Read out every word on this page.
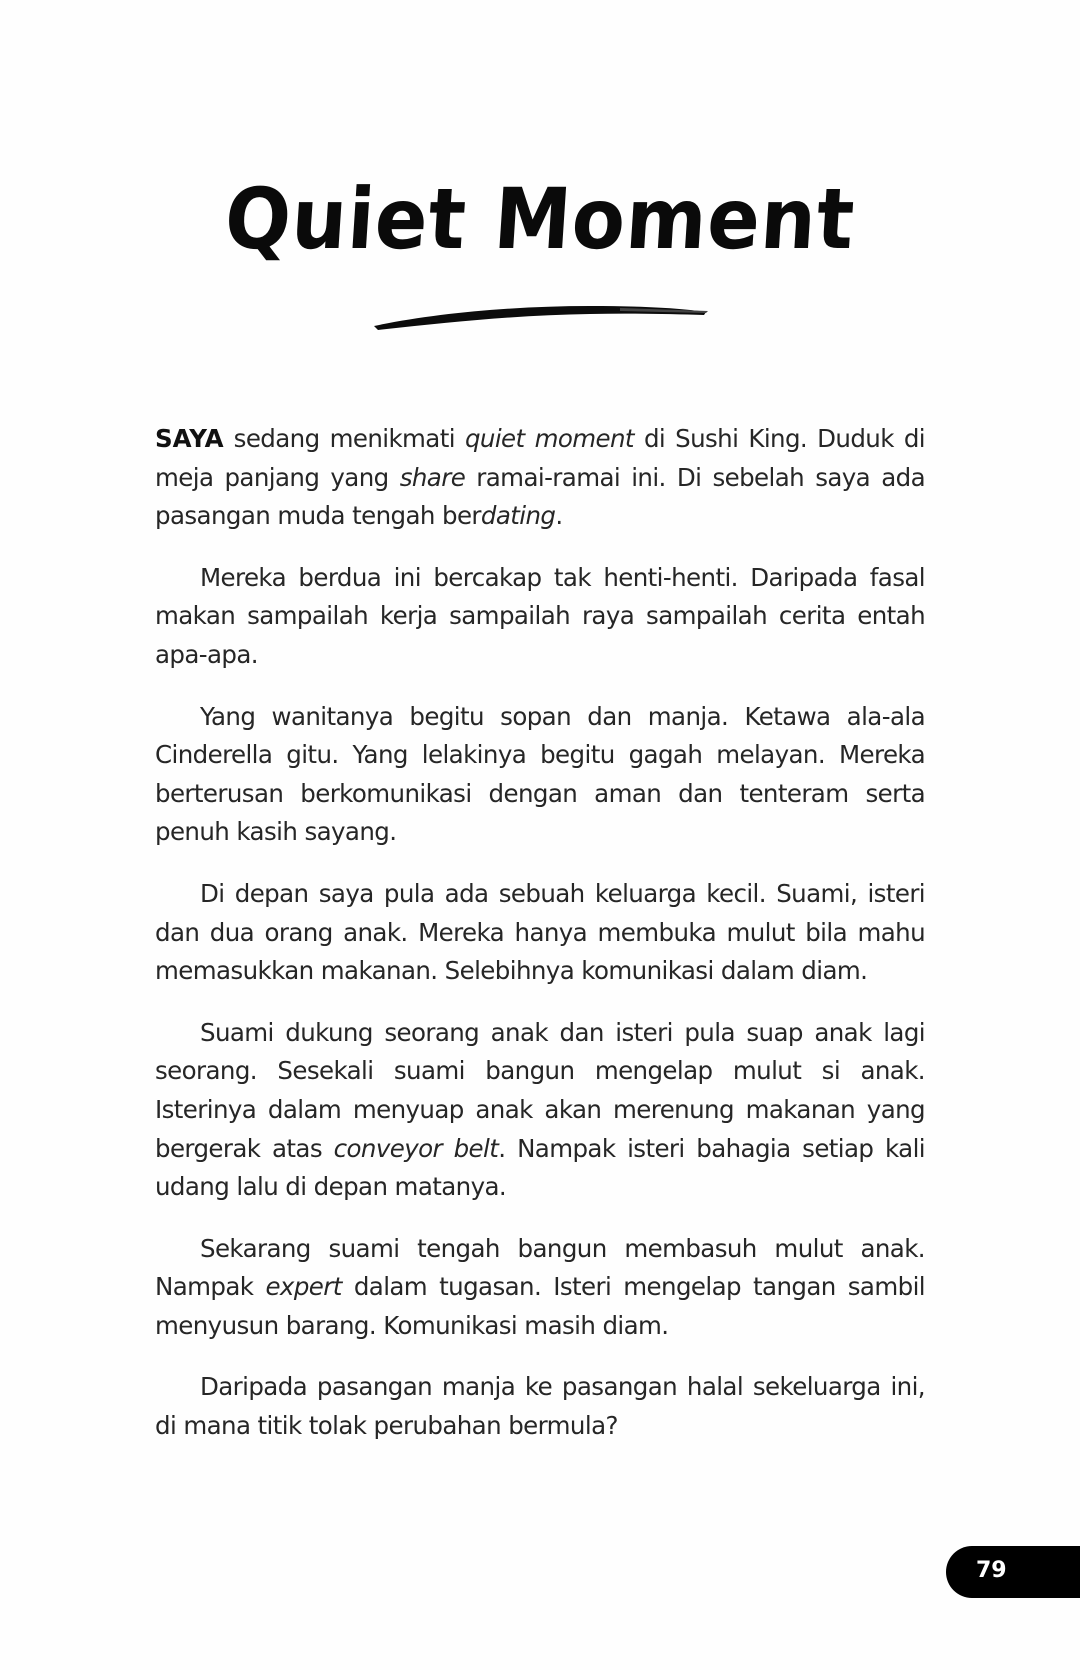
Quiet Moment

SAYA sedang menikmati quiet moment di Sushi King. Duduk di meja panjang yang share ramai-ramai ini. Di sebelah saya ada pasangan muda tengah berdating.

Mereka berdua ini bercakap tak henti-henti. Daripada fasal makan sampailah kerja sampailah raya sampailah cerita entah apa-apa.

Yang wanitanya begitu sopan dan manja. Ketawa ala-ala Cinderella gitu. Yang lelakinya begitu gagah melayan. Mereka berterusan berkomunikasi dengan aman dan tenteram serta penuh kasih sayang.

Di depan saya pula ada sebuah keluarga kecil. Suami, isteri dan dua orang anak. Mereka hanya membuka mulut bila mahu memasukkan makanan. Selebihnya komunikasi dalam diam.

Suami dukung seorang anak dan isteri pula suap anak lagi seorang. Sesekali suami bangun mengelap mulut si anak. Isterinya dalam menyuap anak akan merenung makanan yang bergerak atas conveyor belt. Nampak isteri bahagia setiap kali udang lalu di depan matanya.

Sekarang suami tengah bangun membasuh mulut anak. Nampak expert dalam tugasan. Isteri mengelap tangan sambil menyusun barang. Komunikasi masih diam.

Daripada pasangan manja ke pasangan halal sekeluarga ini, di mana titik tolak perubahan bermula?

79
